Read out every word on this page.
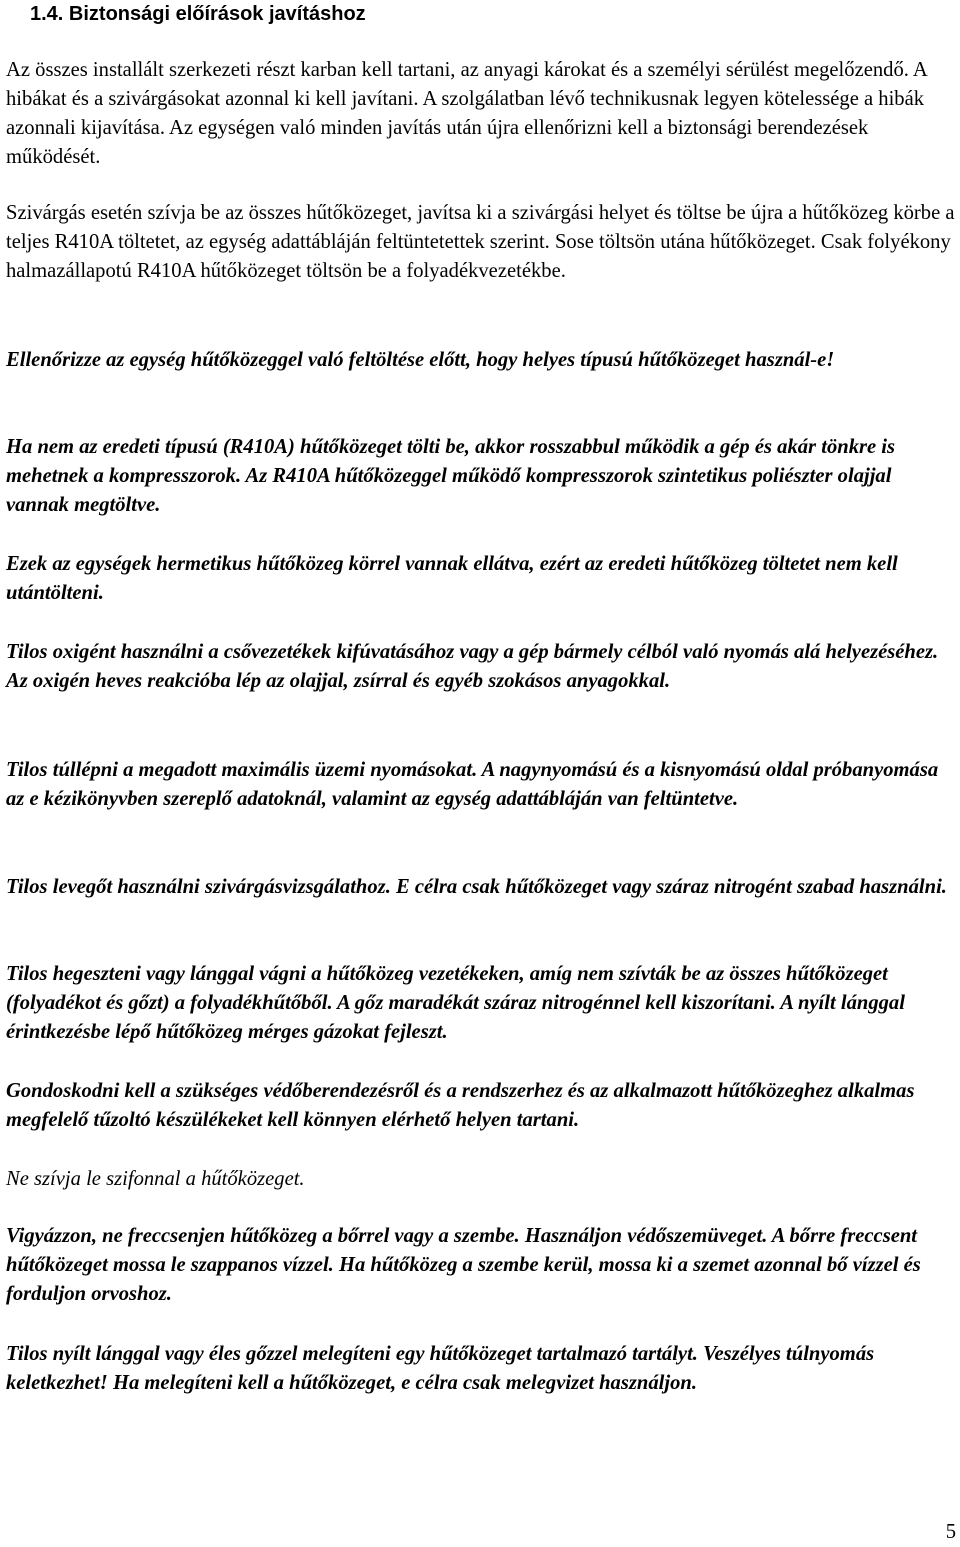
1.4. Biztonsági előírások javításhoz

Az összes installált szerkezeti részt karban kell tartani, az anyagi károkat és a személyi sérülést megelőzendő. A hibákat és a szivárgásokat azonnal ki kell javítani. A szolgálatban lévő technikusnak legyen kötelessége a hibák azonnali kijavítása. Az egységen való minden javítás után újra ellenőrizni kell a biztonsági berendezések működését.

Szivárgás esetén szívja be az összes hűtőközeget, javítsa ki a szivárgási helyet és töltse be újra a hűtőközeg körbe a teljes R410A töltetet, az egység adattábláján feltüntetettek szerint. Sose töltsön utána hűtőközeget. Csak folyékony halmazállapotú R410A hűtőközeget töltsön be a folyadékvezetékbe.

Ellenőrizze az egység hűtőközeggel való feltöltése előtt, hogy helyes típusú hűtőközeget használ-e!

Ha nem az eredeti típusú (R410A) hűtőközeget tölti be, akkor rosszabbul működik a gép és akár tönkre is mehetnek a kompresszorok. Az R410A hűtőközeggel működő kompresszorok szintetikus poliészter olajjal vannak megtöltve.

Ezek az egységek hermetikus hűtőközeg körrel vannak ellátva, ezért az eredeti hűtőközeg töltetet nem kell utántölteni.

Tilos oxigént használni a csővezetékek kifúvatásához vagy a gép bármely célból való nyomás alá helyezéséhez. Az oxigén heves reakcióba lép az olajjal, zsírral és egyéb szokásos anyagokkal.

Tilos túllépni a megadott maximális üzemi nyomásokat. A nagynyomású és a kisnyomású oldal próbanyomása az e kézikönyvben szereplő adatoknál, valamint az egység adattábláján van feltüntetve.

Tilos levegőt használni szivárgásvizsgálathoz. E célra csak hűtőközeget vagy száraz nitrogént szabad használni.

Tilos hegeszteni vagy lánggal vágni a hűtőközeg vezetékeken, amíg nem szívták be az összes hűtőközeget (folyadékot és gőzt) a folyadékhűtőből. A gőz maradékát száraz nitrogénnel kell kiszorítani. A nyílt lánggal érintkezésbe lépő hűtőközeg mérges gázokat fejleszt.

Gondoskodni kell a szükséges védőberendezésről és a rendszerhez és az alkalmazott hűtőközeghez alkalmas megfelelő tűzoltó készülékeket kell könnyen elérhető helyen tartani.

Ne szívja le szifonnal a hűtőközeget.

Vigyázzon, ne freccsenjen hűtőközeg a bőrrel vagy a szembe. Használjon védőszemüveget. A bőrre freccsent hűtőközeget mossa le szappanos vízzel. Ha hűtőközeg a szembe kerül, mossa ki a szemet azonnal bő vízzel és forduljon orvoshoz.

Tilos nyílt lánggal vagy éles gőzzel melegíteni egy hűtőközeget tartalmazó tartályt. Veszélyes túlnyomás keletkezhet! Ha melegíteni kell a hűtőközeget, e célra csak melegvizet használjon.

5
